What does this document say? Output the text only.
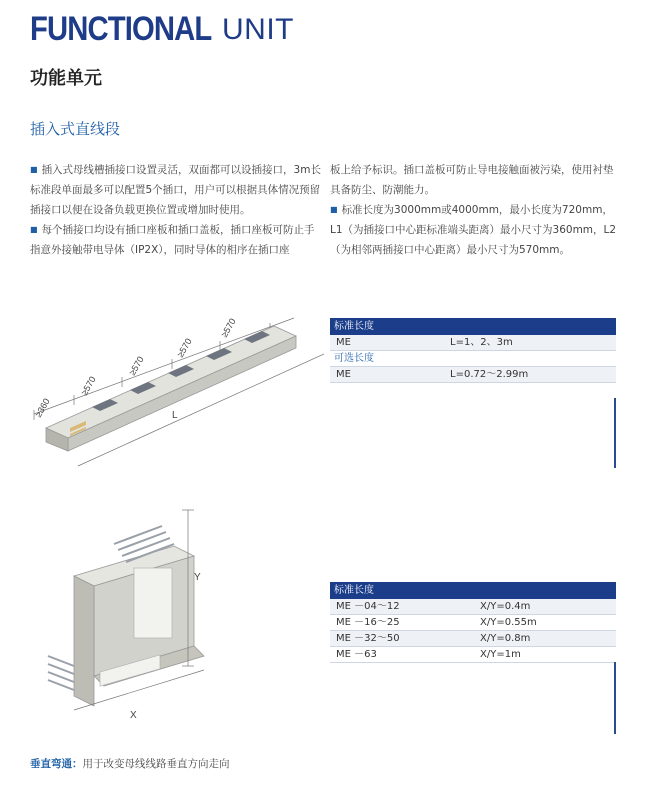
FUNCTIONAL UNIT
功能单元
插入式直线段

■ 插入式母线槽插接口设置灵活，双面都可以设插接口，3m长标准段单面最多可以配置5个插口，用户可以根据具体情况预留插接口以便在设备负载更换位置或增加时使用。

■ 每个插接口均设有插口座板和插口盖板，插口座板可防止手指意外接触带电导体（IP2X），同时导体的相序在插口座

板上给予标识。插口盖板可防止导电接触面被污染，使用衬垫具备防尘、防潮能力。

■ 标准长度为3000mm或4000mm，最小长度为720mm，L1（为插接口中心距标准端头距离）最小尺寸为360mm，L2（为相邻两插接口中心距离）最小尺寸为570mm。

≥360
≥570
≥570
≥570
≥570
L
标准长度
ME	L=1、2、3m
可选长度
ME	L=0.72～2.99m
Y
X
标准长度
ME －04～12	X/Y=0.4m
ME －16～25	X/Y=0.55m
ME －32～50	X/Y=0.8m
ME －63	X/Y=1m
垂直弯通：用于改变母线线路垂直方向走向
